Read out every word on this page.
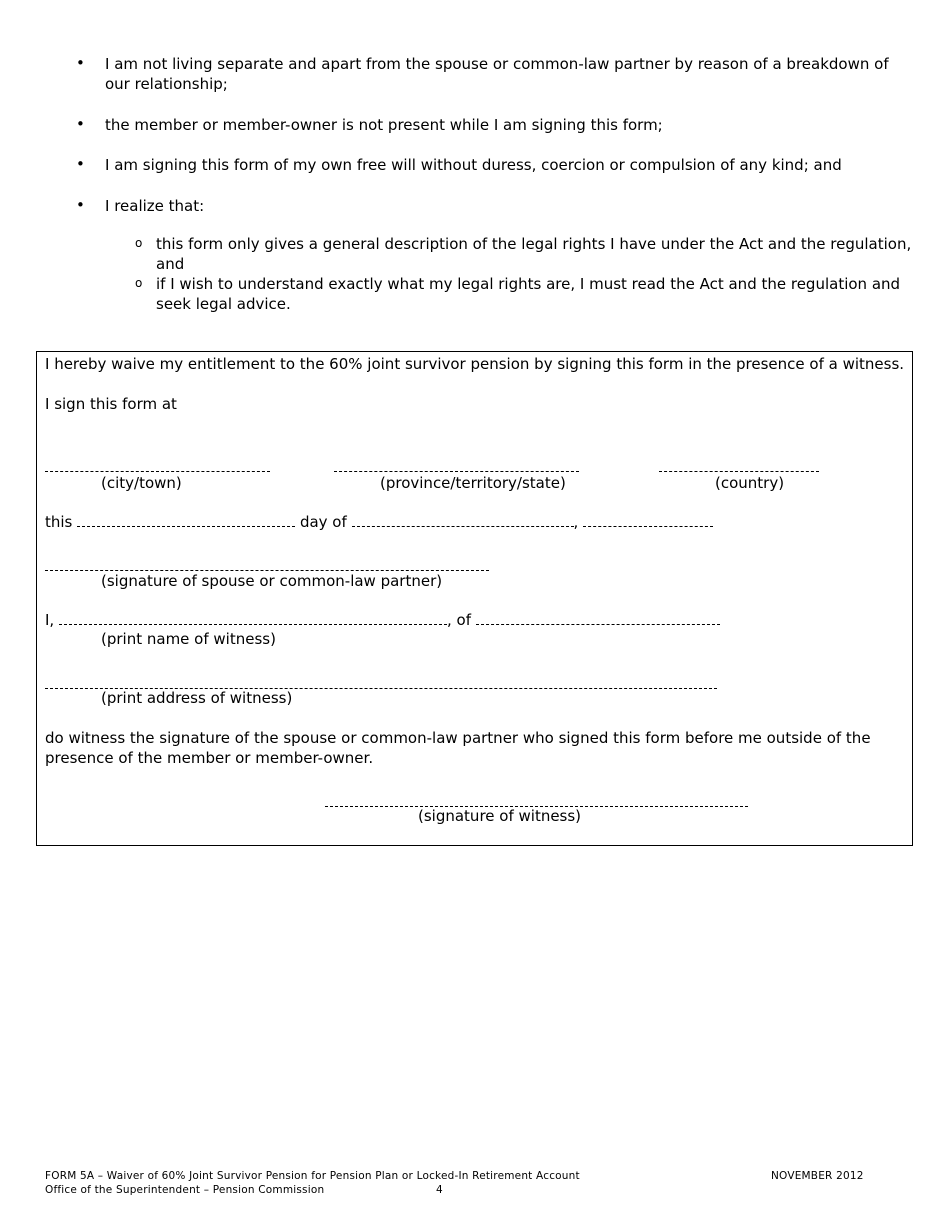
• I am not living separate and apart from the spouse or common-law partner by reason of a breakdown of our relationship;
• the member or member-owner is not present while I am signing this form;
• I am signing this form of my own free will without duress, coercion or compulsion of any kind; and
• I realize that:
o this form only gives a general description of the legal rights I have under the Act and the regulation, and
o if I wish to understand exactly what my legal rights are, I must read the Act and the regulation and seek legal advice.
I hereby waive my entitlement to the 60% joint survivor pension by signing this form in the presence of a witness.
I sign this form at
(city/town)	(province/territory/state)	(country)
this	day of	,
(signature of spouse or common-law partner)
I,	, of
(print name of witness)
(print address of witness)
do witness the signature of the spouse or common-law partner who signed this form before me outside of the presence of the member or member-owner.
(signature of witness)
FORM 5A – Waiver of 60% Joint Survivor Pension for Pension Plan or Locked-In Retirement Account	NOVEMBER 2012
Office of the Superintendent – Pension Commission	4
